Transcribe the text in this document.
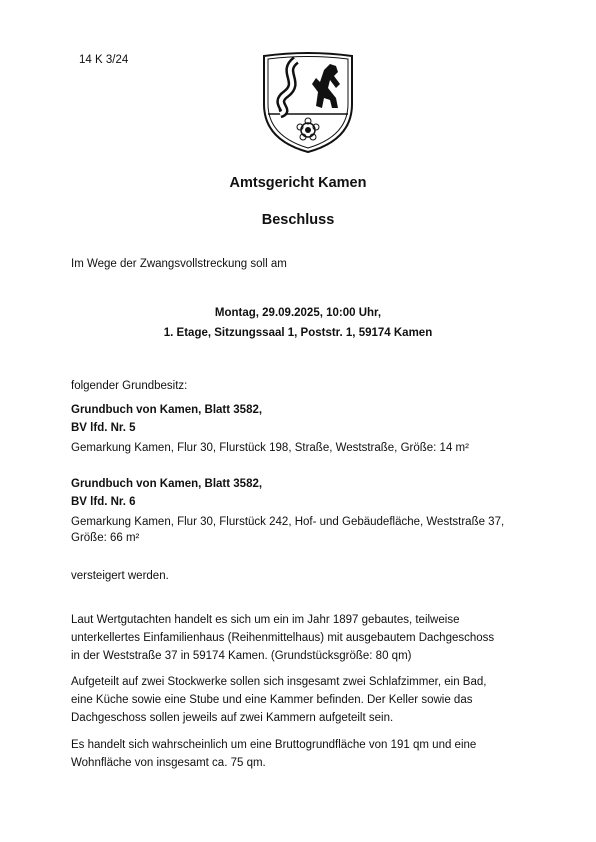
14 K 3/24
Amtsgericht Kamen
Beschluss
Im Wege der Zwangsvollstreckung soll am
Montag, 29.09.2025, 10:00 Uhr,
1. Etage, Sitzungssaal 1, Poststr. 1, 59174 Kamen
folgender Grundbesitz:
Grundbuch von Kamen, Blatt 3582,
BV lfd. Nr. 5
Gemarkung Kamen, Flur 30, Flurstück 198, Straße, Weststraße, Größe: 14 m²
Grundbuch von Kamen, Blatt 3582,
BV lfd. Nr. 6
Gemarkung Kamen, Flur 30, Flurstück 242, Hof- und Gebäudefläche, Weststraße 37,
Größe: 66 m²
versteigert werden.
Laut Wertgutachten handelt es sich um ein im Jahr 1897 gebautes, teilweise
unterkellertes Einfamilienhaus (Reihenmittelhaus) mit ausgebautem Dachgeschoss
in der Weststraße 37 in 59174 Kamen. (Grundstücksgröße: 80 qm)
Aufgeteilt auf zwei Stockwerke sollen sich insgesamt zwei Schlafzimmer, ein Bad,
eine Küche sowie eine Stube und eine Kammer befinden. Der Keller sowie das
Dachgeschoss sollen jeweils auf zwei Kammern aufgeteilt sein.
Es handelt sich wahrscheinlich um eine Bruttogrundfläche von 191 qm und eine
Wohnfläche von insgesamt ca. 75 qm.
